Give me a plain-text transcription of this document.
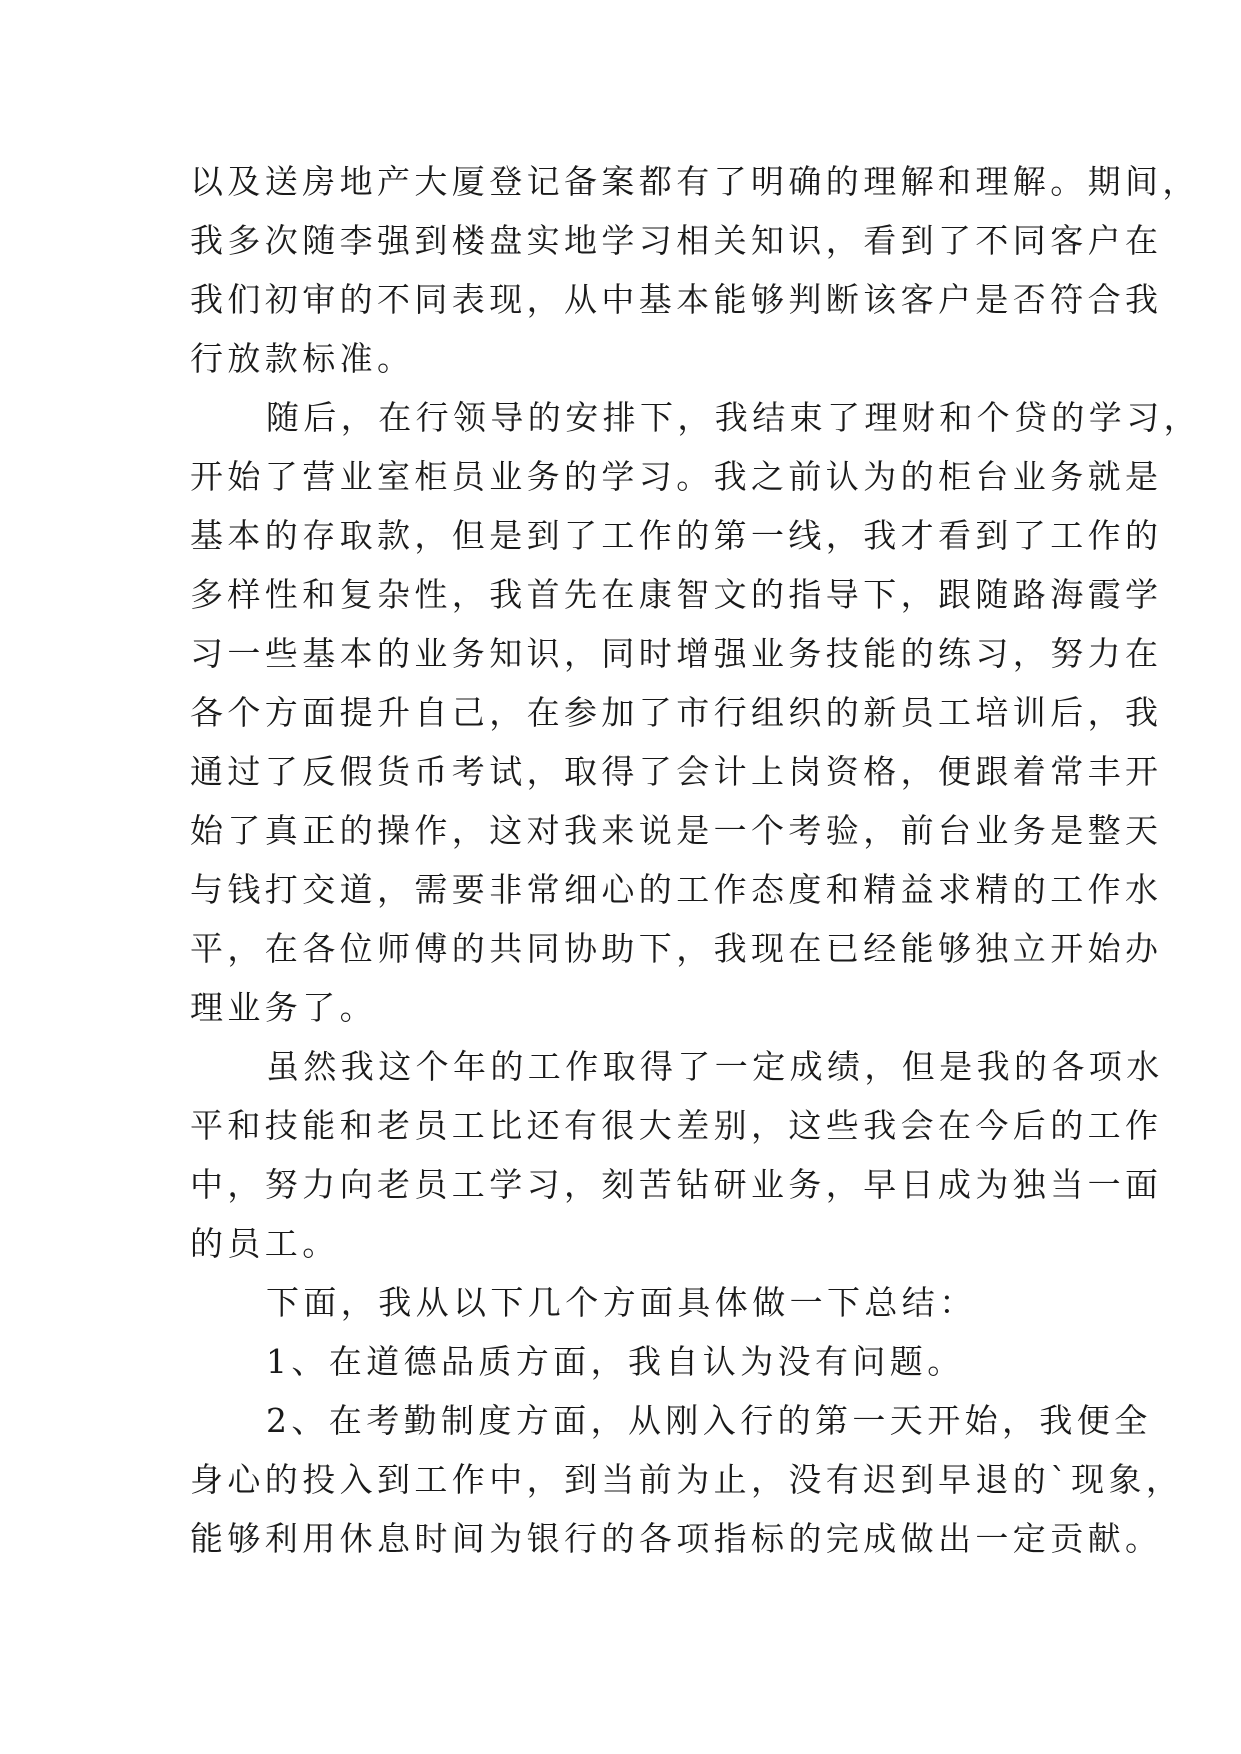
以及送房地产大厦登记备案都有了明确的理解和理解。期间，
我多次随李强到楼盘实地学习相关知识，看到了不同客户在
我们初审的不同表现，从中基本能够判断该客户是否符合我
行放款标准。
随后，在行领导的安排下，我结束了理财和个贷的学习，
开始了营业室柜员业务的学习。我之前认为的柜台业务就是
基本的存取款，但是到了工作的第一线，我才看到了工作的
多样性和复杂性，我首先在康智文的指导下，跟随路海霞学
习一些基本的业务知识，同时增强业务技能的练习，努力在
各个方面提升自己，在参加了市行组织的新员工培训后，我
通过了反假货币考试，取得了会计上岗资格，便跟着常丰开
始了真正的操作，这对我来说是一个考验，前台业务是整天
与钱打交道，需要非常细心的工作态度和精益求精的工作水
平，在各位师傅的共同协助下，我现在已经能够独立开始办
理业务了。
虽然我这个年的工作取得了一定成绩，但是我的各项水
平和技能和老员工比还有很大差别，这些我会在今后的工作
中，努力向老员工学习，刻苦钻研业务，早日成为独当一面
的员工。
下面，我从以下几个方面具体做一下总结：
1、在道德品质方面，我自认为没有问题。
2、在考勤制度方面，从刚入行的第一天开始，我便全
身心的投入到工作中，到当前为止，没有迟到早退的`现象，
能够利用休息时间为银行的各项指标的完成做出一定贡献。
